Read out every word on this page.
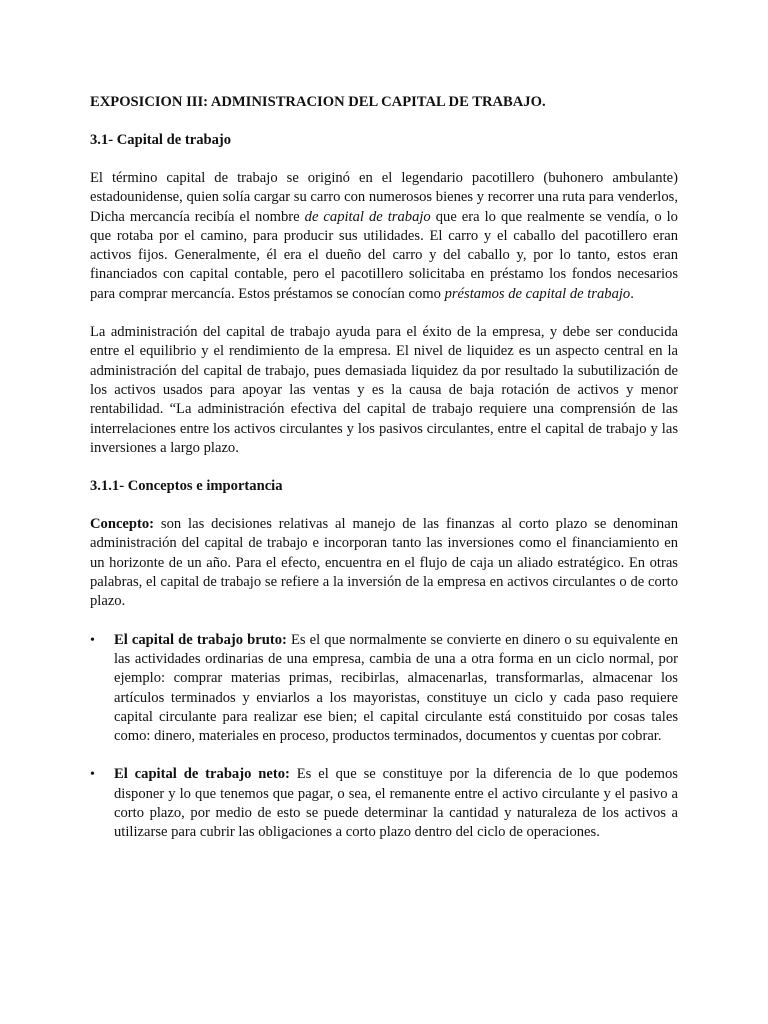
EXPOSICION III: ADMINISTRACION DEL CAPITAL DE TRABAJO.
3.1- Capital de trabajo

El término capital de trabajo se originó en el legendario pacotillero (buhonero ambulante) estadounidense, quien solía cargar su carro con numerosos bienes y recorrer una ruta para venderlos, Dicha mercancía recibía el nombre de capital de trabajo que era lo que realmente se vendía, o lo que rotaba por el camino, para producir sus utilidades. El carro y el caballo del pacotillero eran activos fijos. Generalmente, él era el dueño del carro y del caballo y, por lo tanto, estos eran financiados con capital contable, pero el pacotillero solicitaba en préstamo los fondos necesarios para comprar mercancía. Estos préstamos se conocían como préstamos de capital de trabajo.

La administración del capital de trabajo ayuda para el éxito de la empresa, y debe ser conducida entre el equilibrio y el rendimiento de la empresa. El nivel de liquidez es un aspecto central en la administración del capital de trabajo, pues demasiada liquidez da por resultado la subutilización de los activos usados para apoyar las ventas y es la causa de baja rotación de activos y menor rentabilidad. “La administración efectiva del capital de trabajo requiere una comprensión de las interrelaciones entre los activos circulantes y los pasivos circulantes, entre el capital de trabajo y las inversiones a largo plazo.

3.1.1- Conceptos e importancia

Concepto: son las decisiones relativas al manejo de las finanzas al corto plazo se denominan administración del capital de trabajo e incorporan tanto las inversiones como el financiamiento en un horizonte de un año. Para el efecto, encuentra en el flujo de caja un aliado estratégico. En otras palabras, el capital de trabajo se refiere a la inversión de la empresa en activos circulantes o de corto plazo.

•	El capital de trabajo bruto: Es el que normalmente se convierte en dinero o su equivalente en las actividades ordinarias de una empresa, cambia de una a otra forma en un ciclo normal, por ejemplo: comprar materias primas, recibirlas, almacenarlas, transformarlas, almacenar los artículos terminados y enviarlos a los mayoristas, constituye un ciclo y cada paso requiere capital circulante para realizar ese bien; el capital circulante está constituido por cosas tales como: dinero, materiales en proceso, productos terminados, documentos y cuentas por cobrar.
•	El capital de trabajo neto: Es el que se constituye por la diferencia de lo que podemos disponer y lo que tenemos que pagar, o sea, el remanente entre el activo circulante y el pasivo a corto plazo, por medio de esto se puede determinar la cantidad y naturaleza de los activos a utilizarse para cubrir las obligaciones a corto plazo dentro del ciclo de operaciones.
